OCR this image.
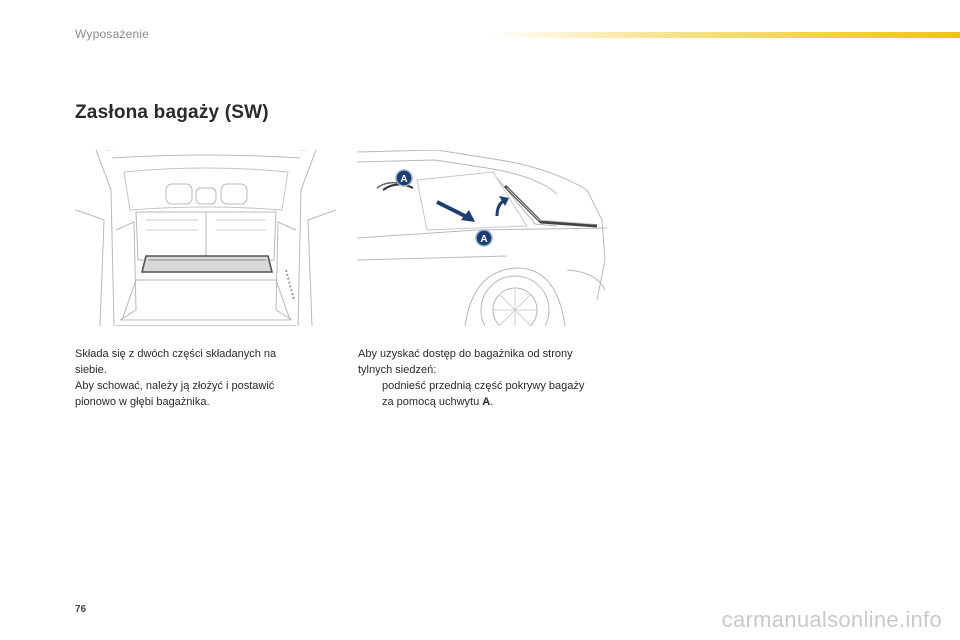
Wyposażenie
Zasłona bagaży (SW)
A
A
Składa się z dwóch części składanych na
siebie.
Aby schować, należy ją złożyć i postawić
pionowo w głębi bagażnika.
Aby uzyskać dostęp do bagażnika od strony
tylnych siedzeń:
podnieść przednią część pokrywy bagaży
za pomocą uchwytu A.
76	carmanualsonline.info
